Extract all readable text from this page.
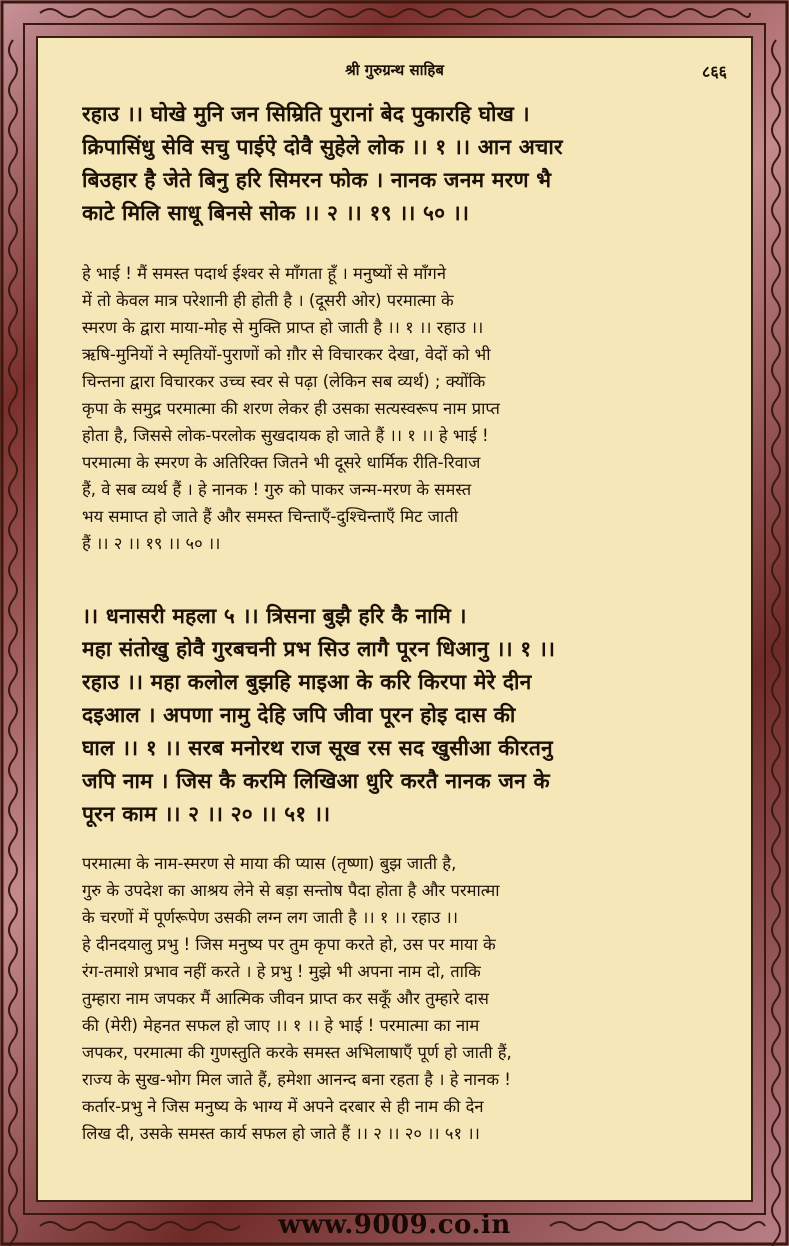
श्री गुरुग्रन्थ साहिब	८६६
रहाउ ।। घोखे मुनि जन सिम्रिति पुरानां बेद पुकारहि घोख ।
क्रिपासिंधु सेवि सचु पाईऐ दोवै सुहेले लोक ।। १ ।। आन अचार
बिउहार है जेते बिनु हरि सिमरन फोक । नानक जनम मरण भै
काटे मिलि साधू बिनसे सोक ।। २ ।। १९ ।। ५० ।।
हे भाई ! मैं समस्त पदार्थ ईश्वर से माँगता हूँ । मनुष्यों से माँगने
में तो केवल मात्र परेशानी ही होती है । (दूसरी ओर) परमात्मा के
स्मरण के द्वारा माया-मोह से मुक्ति प्राप्त हो जाती है ।। १ ।। रहाउ ।।
ऋषि-मुनियों ने स्मृतियों-पुराणों को ग़ौर से विचारकर देखा, वेदों को भी
चिन्तना द्वारा विचारकर उच्च स्वर से पढ़ा (लेकिन सब व्यर्थ) ; क्योंकि
कृपा के समुद्र परमात्मा की शरण लेकर ही उसका सत्यस्वरूप नाम प्राप्त
होता है, जिससे लोक-परलोक सुखदायक हो जाते हैं ।। १ ।। हे भाई !
परमात्मा के स्मरण के अतिरिक्त जितने भी दूसरे धार्मिक रीति-रिवाज
हैं, वे सब व्यर्थ हैं । हे नानक ! गुरु को पाकर जन्म-मरण के समस्त
भय समाप्त हो जाते हैं और समस्त चिन्ताएँ-दुश्चिन्ताएँ मिट जाती
हैं ।। २ ।। १९ ।। ५० ।।
।। धनासरी महला ५ ।। त्रिसना बुझै हरि कै नामि ।
महा संतोखु होवै गुरबचनी प्रभ सिउ लागै पूरन धिआनु ।। १ ।।
रहाउ ।। महा कलोल बुझहि माइआ के करि किरपा मेरे दीन
दइआल । अपणा नामु देहि जपि जीवा पूरन होइ दास की
घाल ।। १ ।। सरब मनोरथ राज सूख रस सद खुसीआ कीरतनु
जपि नाम । जिस कै करमि लिखिआ धुरि करतै नानक जन के
पूरन काम ।। २ ।। २० ।। ५१ ।।
परमात्मा के नाम-स्मरण से माया की प्यास (तृष्णा) बुझ जाती है,
गुरु के उपदेश का आश्रय लेने से बड़ा सन्तोष पैदा होता है और परमात्मा
के चरणों में पूर्णरूपेण उसकी लग्न लग जाती है ।। १ ।। रहाउ ।।
हे दीनदयालु प्रभु ! जिस मनुष्य पर तुम कृपा करते हो, उस पर माया के
रंग-तमाशे प्रभाव नहीं करते । हे प्रभु ! मुझे भी अपना नाम दो, ताकि
तुम्हारा नाम जपकर मैं आत्मिक जीवन प्राप्त कर सकूँ और तुम्हारे दास
की (मेरी) मेहनत सफल हो जाए ।। १ ।। हे भाई ! परमात्मा का नाम
जपकर, परमात्मा की गुणस्तुति करके समस्त अभिलाषाएँ पूर्ण हो जाती हैं,
राज्य के सुख-भोग मिल जाते हैं, हमेशा आनन्द बना रहता है । हे नानक !
कर्तार-प्रभु ने जिस मनुष्य के भाग्य में अपने दरबार से ही नाम की देन
लिख दी, उसके समस्त कार्य सफल हो जाते हैं ।। २ ।। २० ।। ५१ ।।
www.9009.co.in
